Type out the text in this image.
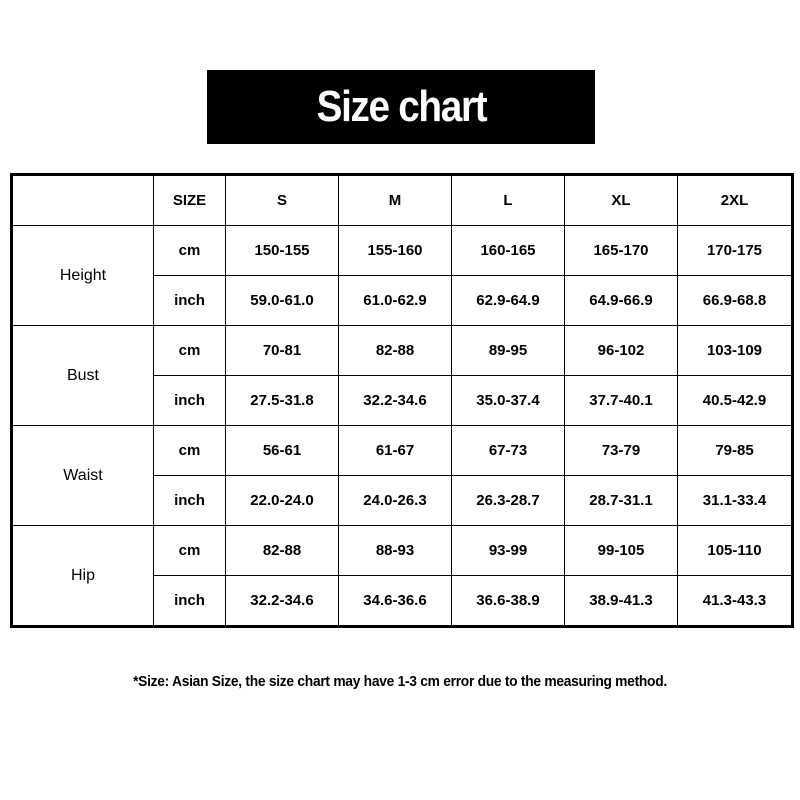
Size chart
	SIZE	S	M	L	XL	2XL
Height	cm	150-155	155-160	160-165	165-170	170-175
	inch	59.0-61.0	61.0-62.9	62.9-64.9	64.9-66.9	66.9-68.8
Bust	cm	70-81	82-88	89-95	96-102	103-109
	inch	27.5-31.8	32.2-34.6	35.0-37.4	37.7-40.1	40.5-42.9
Waist	cm	56-61	61-67	67-73	73-79	79-85
	inch	22.0-24.0	24.0-26.3	26.3-28.7	28.7-31.1	31.1-33.4
Hip	cm	82-88	88-93	93-99	99-105	105-110
	inch	32.2-34.6	34.6-36.6	36.6-38.9	38.9-41.3	41.3-43.3
*Size: Asian Size, the size chart may have 1-3 cm error due to the measuring method.
